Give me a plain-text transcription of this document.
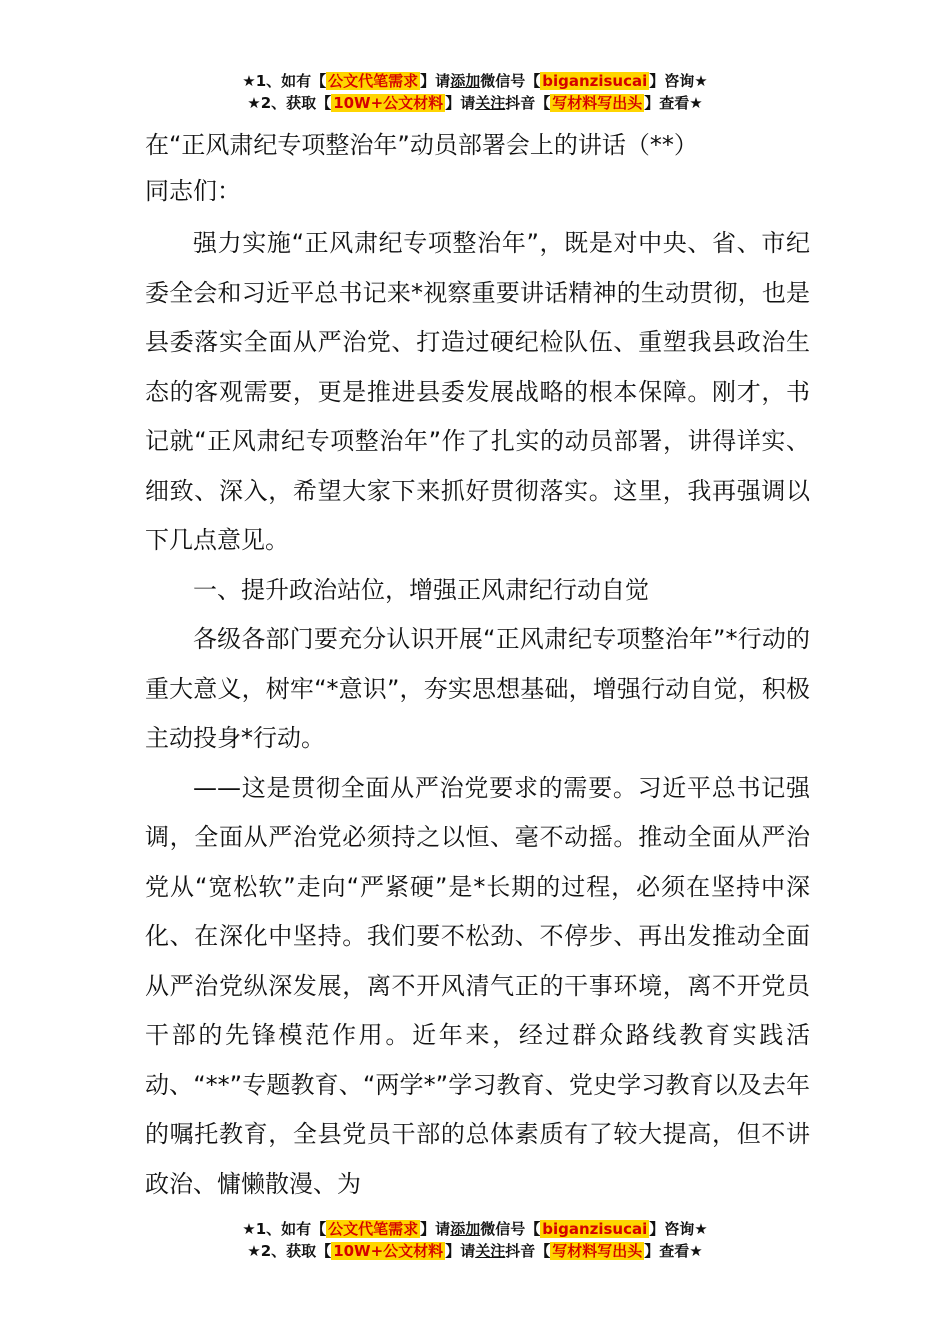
★1、如有【 公文代笔需求 】请添加微信号【 biganzisucai 】咨询★
★2、获取【 10W+公文材料 】请关注抖音【 写材料写出头 】查看★

在“正风肃纪专项整治年”动员部署会上的讲话（**）

同志们：

强力实施“正风肃纪专项整治年”，既是对中央、省、市纪委全会和习近平总书记来*视察重要讲话精神的生动贯彻，也是县委落实全面从严治党、打造过硬纪检队伍、重塑我县政治生态的客观需要，更是推进县委发展战略的根本保障。刚才，书记就“正风肃纪专项整治年”作了扎实的动员部署，讲得详实、细致、深入，希望大家下来抓好贯彻落实。这里，我再强调以下几点意见。

一、提升政治站位，增强正风肃纪行动自觉

各级各部门要充分认识开展“正风肃纪专项整治年”*行动的重大意义，树牢“*意识”，夯实思想基础，增强行动自觉，积极主动投身*行动。

——这是贯彻全面从严治党要求的需要。习近平总书记强调，全面从严治党必须持之以恒、毫不动摇。推动全面从严治党从“宽松软”走向“严紧硬”是*长期的过程，必须在坚持中深化、在深化中坚持。我们要不松劲、不停步、再出发推动全面从严治党纵深发展，离不开风清气正的干事环境，离不开党员干部的先锋模范作用。近年来，经过群众路线教育实践活动、“**”专题教育、“两学*”学习教育、党史学习教育以及去年的嘱托教育，全县党员干部的总体素质有了较大提高，但不讲政治、慵懒散漫、为

★1、如有【 公文代笔需求 】请添加微信号【 biganzisucai 】咨询★
★2、获取【 10W+公文材料 】请关注抖音【 写材料写出头 】查看★
